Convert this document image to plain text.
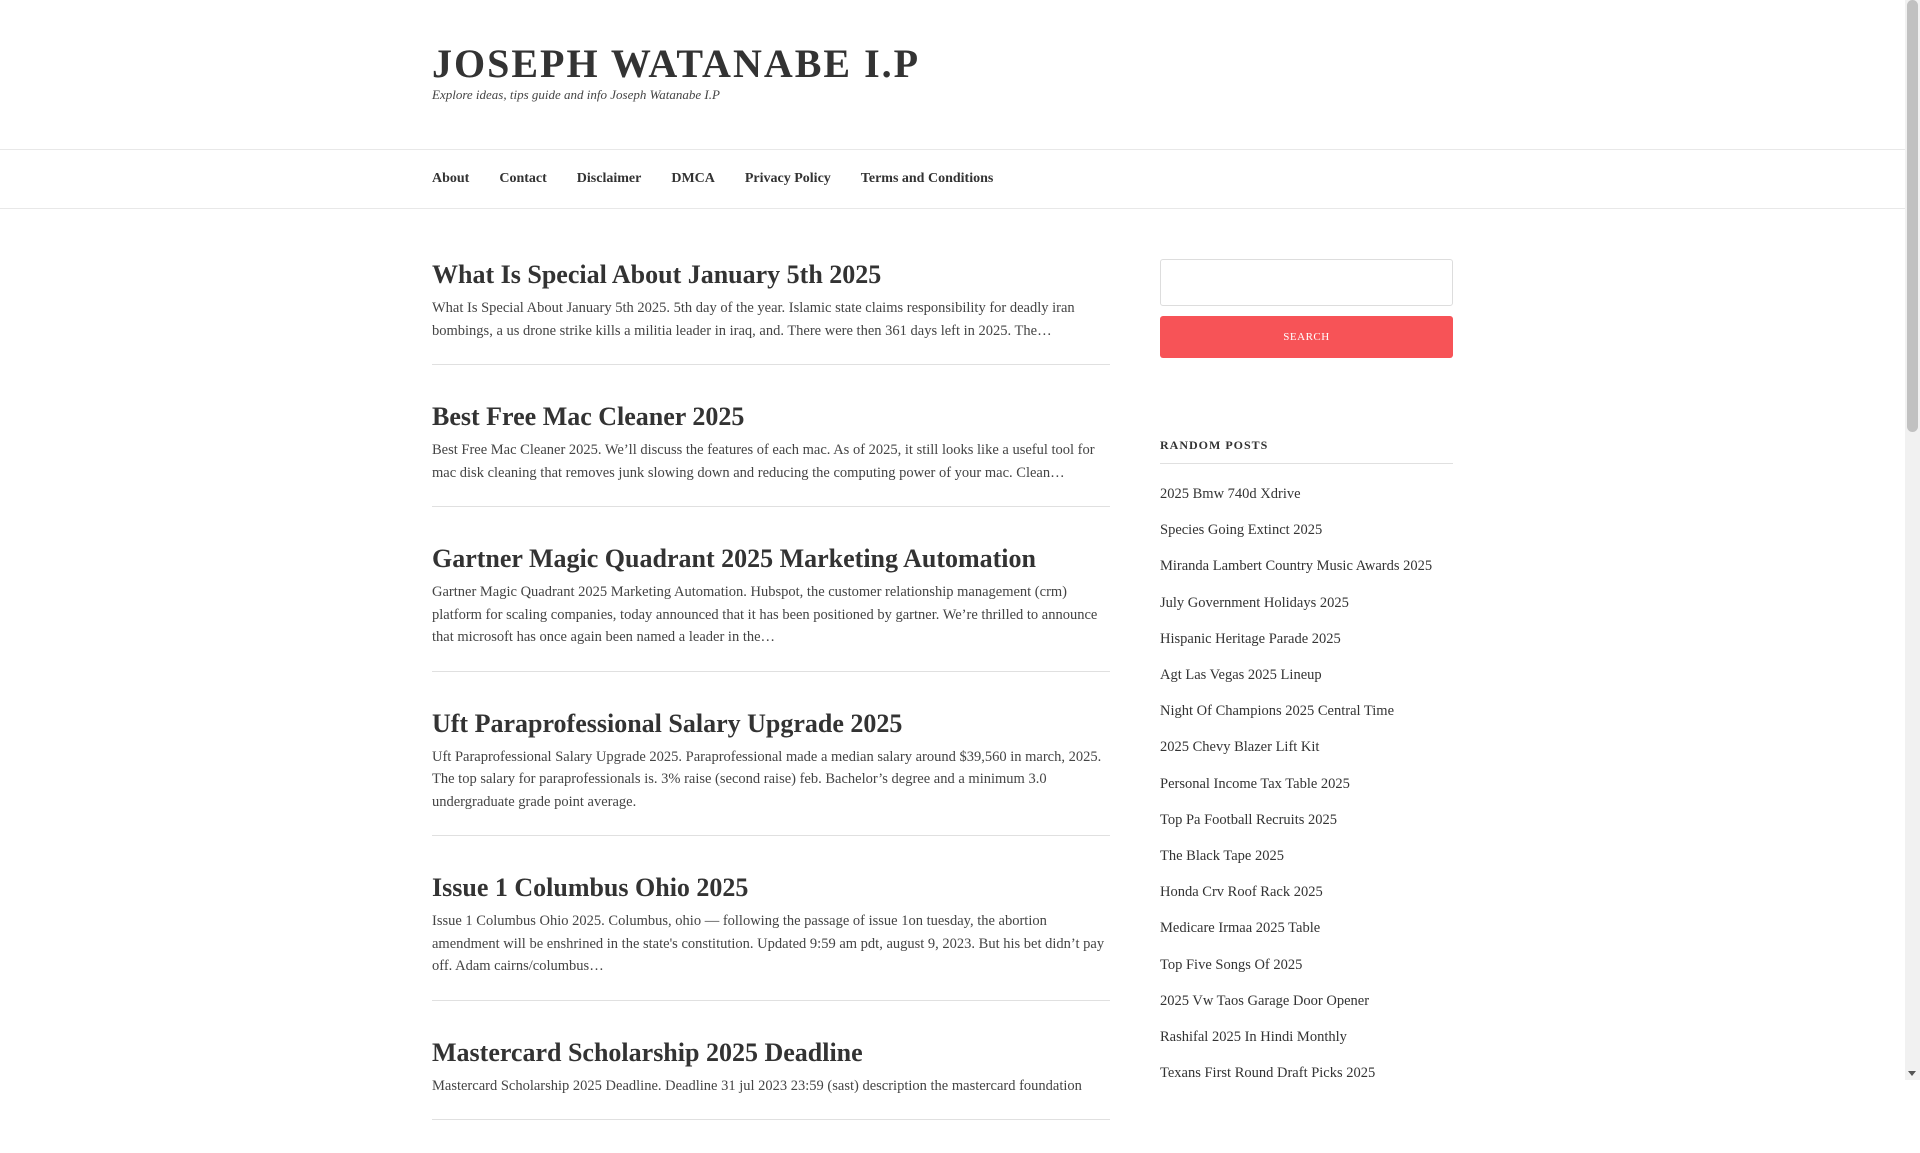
JOSEPH WATANABE I.P
Explore ideas, tips guide and info Joseph Watanabe I.P
About Contact Disclaimer DMCA Privacy Policy Terms and Conditions
What Is Special About January 5th 2025

What Is Special About January 5th 2025. 5th day of the year. Islamic state claims responsibility for deadly iran bombings, a us drone strike kills a militia leader in iraq, and. There were then 361 days left in 2025. The…

Best Free Mac Cleaner 2025

Best Free Mac Cleaner 2025. We’ll discuss the features of each mac. As of 2025, it still looks like a useful tool for mac disk cleaning that removes junk slowing down and reducing the computing power of your mac. Clean…

Gartner Magic Quadrant 2025 Marketing Automation

Gartner Magic Quadrant 2025 Marketing Automation. Hubspot, the customer relationship management (crm) platform for scaling companies, today announced that it has been positioned by gartner. We’re thrilled to announce that microsoft has once again been named a leader in the…

Uft Paraprofessional Salary Upgrade 2025

Uft Paraprofessional Salary Upgrade 2025. Paraprofessional made a median salary around $39,560 in march, 2025. The top salary for paraprofessionals is. 3% raise (second raise) feb. Bachelor’s degree and a minimum 3.0 undergraduate grade point average.

Issue 1 Columbus Ohio 2025

Issue 1 Columbus Ohio 2025. Columbus, ohio — following the passage of issue 1on tuesday, the abortion amendment will be enshrined in the state's constitution. Updated 9:59 am pdt, august 9, 2023. But his bet didn’t pay off. Adam cairns/columbus…

Mastercard Scholarship 2025 Deadline

Mastercard Scholarship 2025 Deadline. Deadline 31 jul 2023 23:59 (sast) description the mastercard foundation

SEARCH
RANDOM POSTS
2025 Bmw 740d Xdrive
Species Going Extinct 2025
Miranda Lambert Country Music Awards 2025
July Government Holidays 2025
Hispanic Heritage Parade 2025
Agt Las Vegas 2025 Lineup
Night Of Champions 2025 Central Time
2025 Chevy Blazer Lift Kit
Personal Income Tax Table 2025
Top Pa Football Recruits 2025
The Black Tape 2025
Honda Crv Roof Rack 2025
Medicare Irmaa 2025 Table
Top Five Songs Of 2025
2025 Vw Taos Garage Door Opener
Rashifal 2025 In Hindi Monthly
Texans First Round Draft Picks 2025
